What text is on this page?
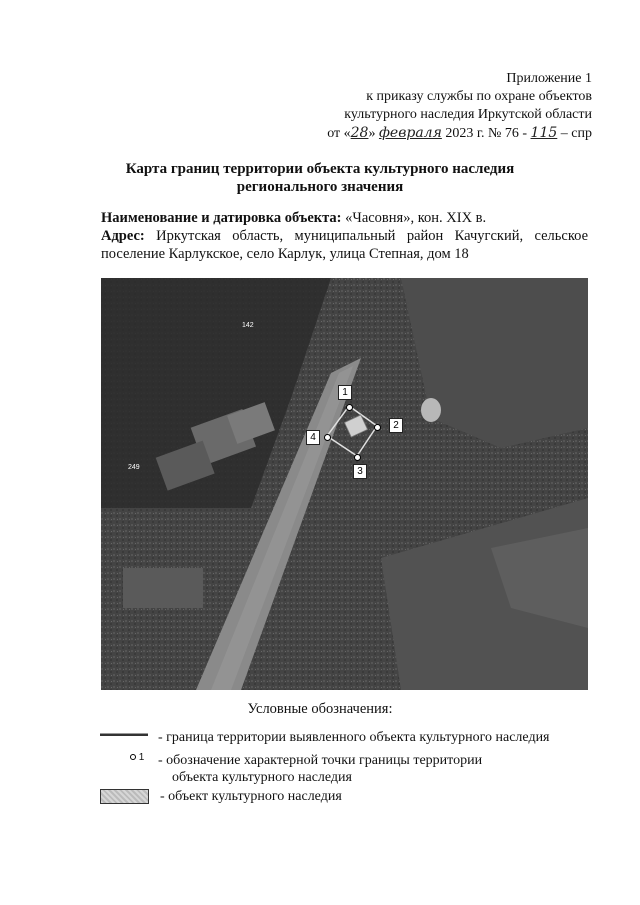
Приложение 1
к приказу службы по охране объектов
культурного наследия Иркутской области
от «28» февраля 2023 г. № 76 - 115 – спр
Карта границ территории объекта культурного наследия
регионального значения
Наименование и датировка объекта: «Часовня», кон. XIX в.
Адрес: Иркутская область, муниципальный район Качугский, сельское поселение Карлукское, село Карлук, улица Степная, дом 18
142
249
1
2
3
4
Условные обозначения:
- граница территории выявленного объекта культурного наследия
1 - обозначение характерной точки границы территории
объекта культурного наследия
- объект культурного наследия
